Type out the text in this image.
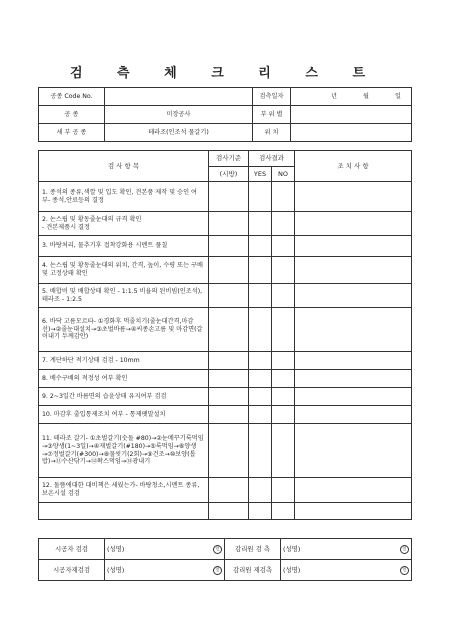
검 측 체 크 리 스 트
공종 Code No.		검측일자	년 월 일
공 종	미장공사	부 위 별	
세 부 공 종	테라조(인조석 물갈기)	위 치	
검 사 항 목	검사기준	검사결과		조 치 사 항
	(시방)	YES	NO	
1. 종석의 종류,색깔 및 입도 확인, 견본품 제작 및 승인 여부- 종석,안료등의 결정				
2. 논스립 및 황동줄눈대의 규격 확인
- 견본제품시 결정				
3. 바탕처리, 물추기후 접착강화용 시멘트 풀칠				
4. 논스립 및 황동줄눈대의 위치, 간격, 높이, 수평 또는 구배 및 고정상태 확인				
5. 배합비 및 배합상태 확인 - 1:1.5 비율의 된비빔(인조석), 테라조 - 1:2.5				
6. 바닥 고름모르타- ①경화후 먹줄치기(줄눈대간격,마감선)→②줄눈대설치→③초벌바름→④씨종손고름 및 마감면(갈이내기 두께감안)				
7. 계단하단 적기상태 검검 - 10mm				
8. 배수구배의 적정성 여부 확인				
9. 2~3일간 바름면의 습윤상태 유지여부 검검				
10. 마감후 출입통제조치 여부 - 통제팻말설치				
11. 테라조 갈기- ①초벌갈기(숫돌 #80)→②눈메꾸기룩먹임→③양생(1~3일)→④재벌갈기(#180)→⑤룩먹임→⑥양생→⑦정벌갈기(#300)→⑧물씻기(2회)→⑨건조→⑩보양(톱밥)→⑪수산닦기→⑫왁스먹임→⑬광내기				
12. 돌뜸에대한 대비책은 세웠는가- 바탕청소,시멘트 종류,보온시설 검검				

시공자 검검	(성명) 인	감리원 검 측	(성명) 인

시공자재검검	(성명) 인	감리원 재검측	(성명) 인
